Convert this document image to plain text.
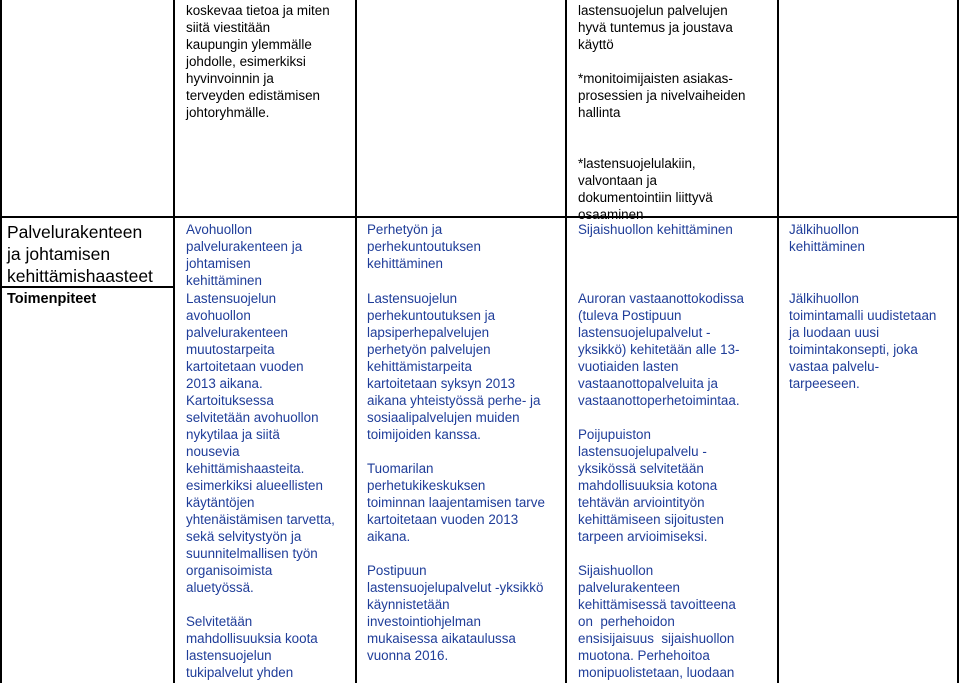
koskevaa tietoa ja miten
siitä viestitään
kaupungin ylemmälle
johdolle, esimerkiksi
hyvinvoinnin ja
terveyden edistämisen
johtoryhmälle.
lastensuojelun palvelujen
hyvä tuntemus ja joustava
käyttö

*monitoimijaisten asiakas-
prosessien ja nivelvaiheiden
hallinta

*lastensuojelulakiin,
valvontaan ja
dokumentointiin liittyvä
osaaminen
Palvelurakenteen
ja johtamisen
kehittämishaasteet
Toimenpiteet
Avohuollon
palvelurakenteen ja
johtamisen
kehittäminen
Lastensuojelun
avohuollon
palvelurakenteen
muutostarpeita
kartoitetaan vuoden
2013 aikana.
Kartoituksessa
selvitetään avohuollon
nykytilaa ja siitä
nousevia
kehittämishaasteita.
esimerkiksi alueellisten
käytäntöjen
yhtenäistämisen tarvetta,
sekä selvitystyön ja
suunnitelmallisen työn
organisoimista
aluetyössä.

Selvitetään
mahdollisuuksia koota
lastensuojelun
tukipalvelut yhden
Perhetyön ja
perhekuntoutuksen
kehittäminen
Lastensuojelun
perhekuntoutuksen ja
lapsiperhepalvelujen
perhetyön palvelujen
kehittämistarpeita
kartoitetaan syksyn 2013
aikana yhteistyössä perhe- ja
sosiaalipalvelujen muiden
toimijoiden kanssa.

Tuomarilan
perhetukikeskuksen
toiminnan laajentamisen tarve
kartoitetaan vuoden 2013
aikana.

Postipuun
lastensuojelupalvelut -yksikkö
käynnistetään
investointiohjelman
mukaisessa aikataulussa
vuonna 2016.
Sijaishuollon kehittäminen
Auroran vastaanottokodissa
(tuleva Postipuun
lastensuojelupalvelut -
yksikkö) kehitetään alle 13-
vuotiaiden lasten
vastaanottopalveluita ja
vastaanottoperhetoimintaa.

Poijupuiston
lastensuojelupalvelu -
yksikössä selvitetään
mahdollisuuksia kotona
tehtävän arviointityön
kehittämiseen sijoitusten
tarpeen arvioimiseksi.

Sijaishuollon
palvelurakenteen
kehittämisessä tavoitteena
on  perhehoidon
ensisijaisuus  sijaishuollon
muotona. Perhehoitoa
monipuolistetaan, luodaan
Jälkihuollon
kehittäminen
Jälkihuollon
toimintamalli uudistetaan
ja luodaan uusi
toimintakonsepti, joka
vastaa palvelu-
tarpeeseen.
